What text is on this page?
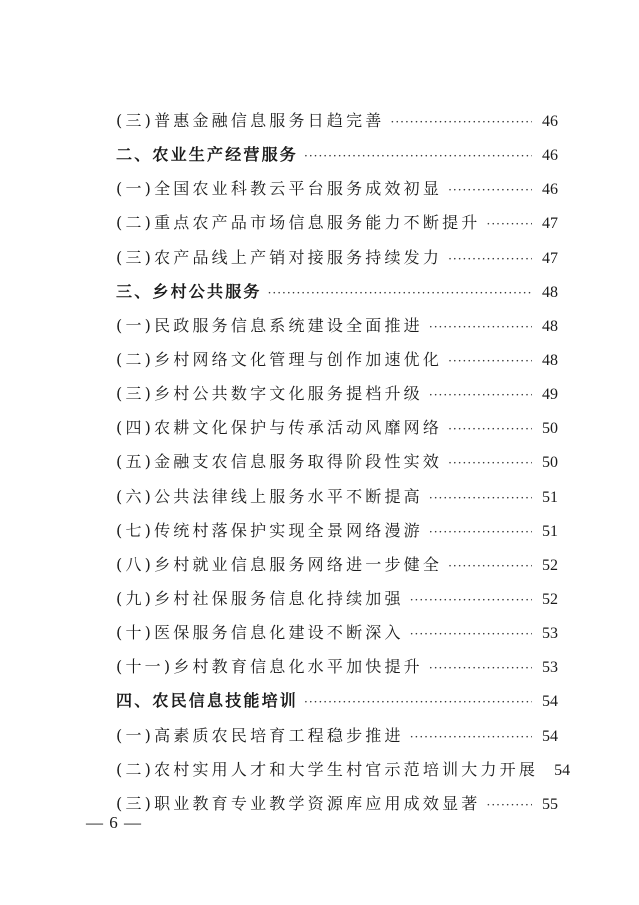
(三)普惠金融信息服务日趋完善 ·····	46
二、农业生产经营服务 ·····	46
(一)全国农业科教云平台服务成效初显 ·····	46
(二)重点农产品市场信息服务能力不断提升 ·····	47
(三)农产品线上产销对接服务持续发力 ·····	47
三、乡村公共服务 ·····	48
(一)民政服务信息系统建设全面推进 ·····	48
(二)乡村网络文化管理与创作加速优化 ·····	48
(三)乡村公共数字文化服务提档升级 ·····	49
(四)农耕文化保护与传承活动风靡网络 ·····	50
(五)金融支农信息服务取得阶段性实效 ·····	50
(六)公共法律线上服务水平不断提高 ·····	51
(七)传统村落保护实现全景网络漫游 ·····	51
(八)乡村就业信息服务网络进一步健全 ·····	52
(九)乡村社保服务信息化持续加强 ·····	52
(十)医保服务信息化建设不断深入 ·····	53
(十一)乡村教育信息化水平加快提升 ·····	53
四、农民信息技能培训 ·····	54
(一)高素质农民培育工程稳步推进 ·····	54
(二)农村实用人才和大学生村官示范培训大力开展	54
(三)职业教育专业教学资源库应用成效显著 ·····	55
— 6 —
